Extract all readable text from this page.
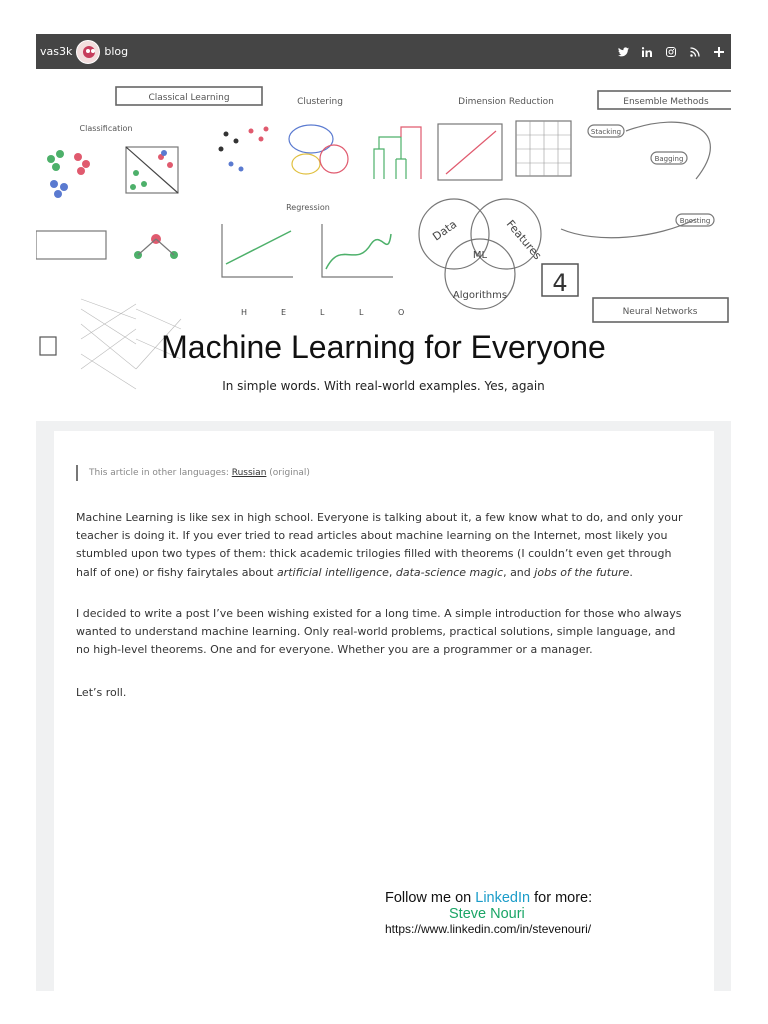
vas3k	blog
Classical Learning	Clustering	Dimension Reduction	Ensemble Methods
Classification	Stacking
Bagging
Boosting
Regression
Data	Features
Algorithms
ML
4
Neural Networks
H	E	L	L	O
Machine Learning for Everyone
In simple words. With real-world examples. Yes, again
This article in other languages: Russian (original)

Machine Learning is like sex in high school. Everyone is talking about it, a few know what to do, and only your teacher is doing it. If you ever tried to read articles about machine learning on the Internet, most likely you stumbled upon two types of them: thick academic trilogies filled with theorems (I couldn’t even get through half of one) or fishy fairytales about artificial intelligence, data-science magic, and jobs of the future.

I decided to write a post I’ve been wishing existed for a long time. A simple introduction for those who always wanted to understand machine learning. Only real-world problems, practical solutions, simple language, and no high-level theorems. One and for everyone. Whether you are a programmer or a manager.

Let’s roll.

Follow me on LinkedIn for more:
Steve Nouri
https://www.linkedin.com/in/stevenouri/
